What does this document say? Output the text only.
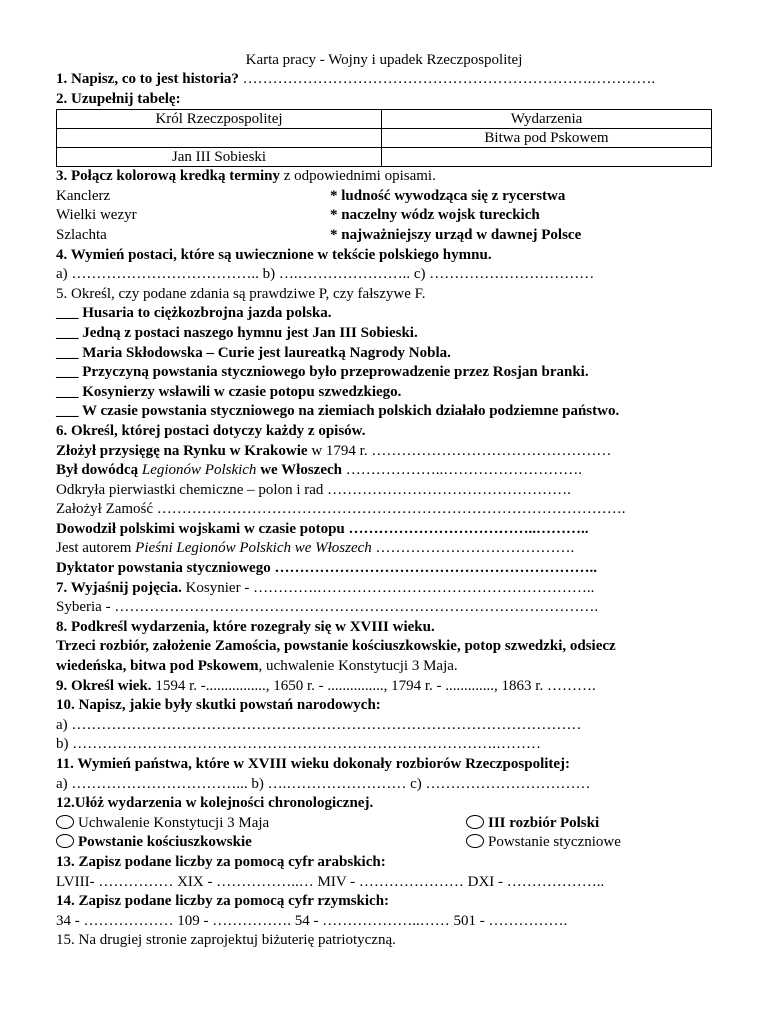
Karta pracy - Wojny i upadek Rzeczpospolitej
1. Napisz, co to jest historia? …………………………………………………………….………….
2. Uzupełnij tabelę:
Król Rzeczpospolitej	Wydarzenia
	Bitwa pod Pskowem
Jan III Sobieski	
3. Połącz kolorową kredką terminy z odpowiednimi opisami.
Kanclerz	* ludność wywodząca się z rycerstwa
Wielki wezyr	* naczelny wódz wojsk tureckich
Szlachta	* najważniejszy urząd w dawnej Polsce
4. Wymień postaci, które są uwiecznione w tekście polskiego hymnu.
a) ……………………………….. b) ….………………….. c) ……………………………
5. Określ, czy podane zdania są prawdziwe P, czy fałszywe F.
___ Husaria to ciężkozbrojna jazda polska.
___ Jedną z postaci naszego hymnu jest Jan III Sobieski.
___ Maria Skłodowska – Curie jest laureatką Nagrody Nobla.
___ Przyczyną powstania styczniowego było przeprowadzenie przez Rosjan branki.
___ Kosynierzy wsławili w czasie potopu szwedzkiego.
___ W czasie powstania styczniowego na ziemiach polskich działało podziemne państwo.
6. Określ, której postaci dotyczy każdy z opisów.
Złożył przysięgę na Rynku w Krakowie w 1794 r. …………………………………………
Był dowódcą Legionów Polskich we Włoszech ………………..……………………….
Odkryła pierwiastki chemiczne – polon i rad ………………………………………….
Założył Zamość ………………………………………………………………………………….
Dowodził polskimi wojskami w czasie potopu ………………………………..………..
Jest autorem Pieśni Legionów Polskich we Włoszech ………………………………….
Dyktator powstania styczniowego ………………………………………………………..
7. Wyjaśnij pojęcia. Kosynier - ………….………………………………………………..
Syberia - …………………………………………………………………………………….
8. Podkreśl wydarzenia, które rozegrały się w XVIII wieku.
Trzeci rozbiór, założenie Zamościa, powstanie kościuszkowskie, potop szwedzki, odsiecz
wiedeńska, bitwa pod Pskowem, uchwalenie Konstytucji 3 Maja.
9. Określ wiek. 1594 r. -................, 1650 r. - ..............., 1794 r. - ............., 1863 r. ……….
10. Napisz, jakie były skutki powstań narodowych:
a) …………………………………………………………………………………………
b) ………………………………………………………………………….………
11. Wymień państwa, które w XVIII wieku dokonały rozbiorów Rzeczpospolitej:
a) ……………………………... b) ….…………………… c) ……………………………
12.Ułóż wydarzenia w kolejności chronologicznej.
Uchwalenie Konstytucji 3 Maja	III rozbiór Polski
Powstanie kościuszkowskie	Powstanie styczniowe
13. Zapisz podane liczby za pomocą cyfr arabskich:
LVIII- …………… XIX - ……………..… MIV - ………………… DXI - ………………..
14. Zapisz podane liczby za pomocą cyfr rzymskich:
34 - ……………… 109 - ……………. 54 - ………………..…… 501 - …………….
15. Na drugiej stronie zaprojektuj biżuterię patriotyczną.
